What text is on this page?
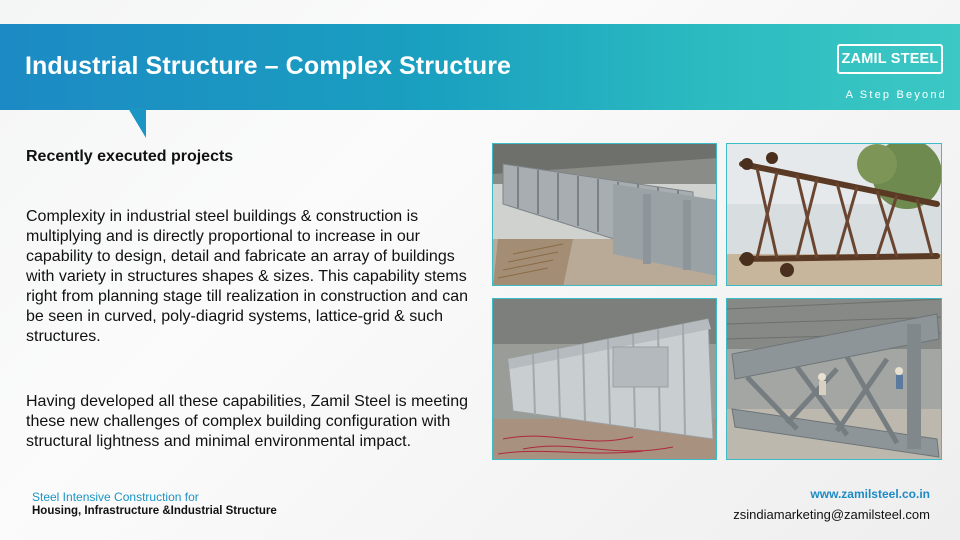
Industrial Structure – Complex Structure	ZAMIL STEEL
A Step Beyond
Recently executed projects
Complexity in industrial steel buildings & construction is multiplying and is directly proportional to increase in our capability to design, detail and fabricate an array of buildings with variety in structures shapes & sizes. This capability stems right from planning stage till realization in construction and can be seen in curved, poly-diagrid systems, lattice-grid & such structures.
Having developed all these capabilities, Zamil Steel is meeting these new challenges of complex building configuration with structural lightness and minimal environmental impact.
Steel Intensive Construction for
Housing, Infrastructure &Industrial Structure
www.zamilsteel.co.in
zsindiamarketing@zamilsteel.com
